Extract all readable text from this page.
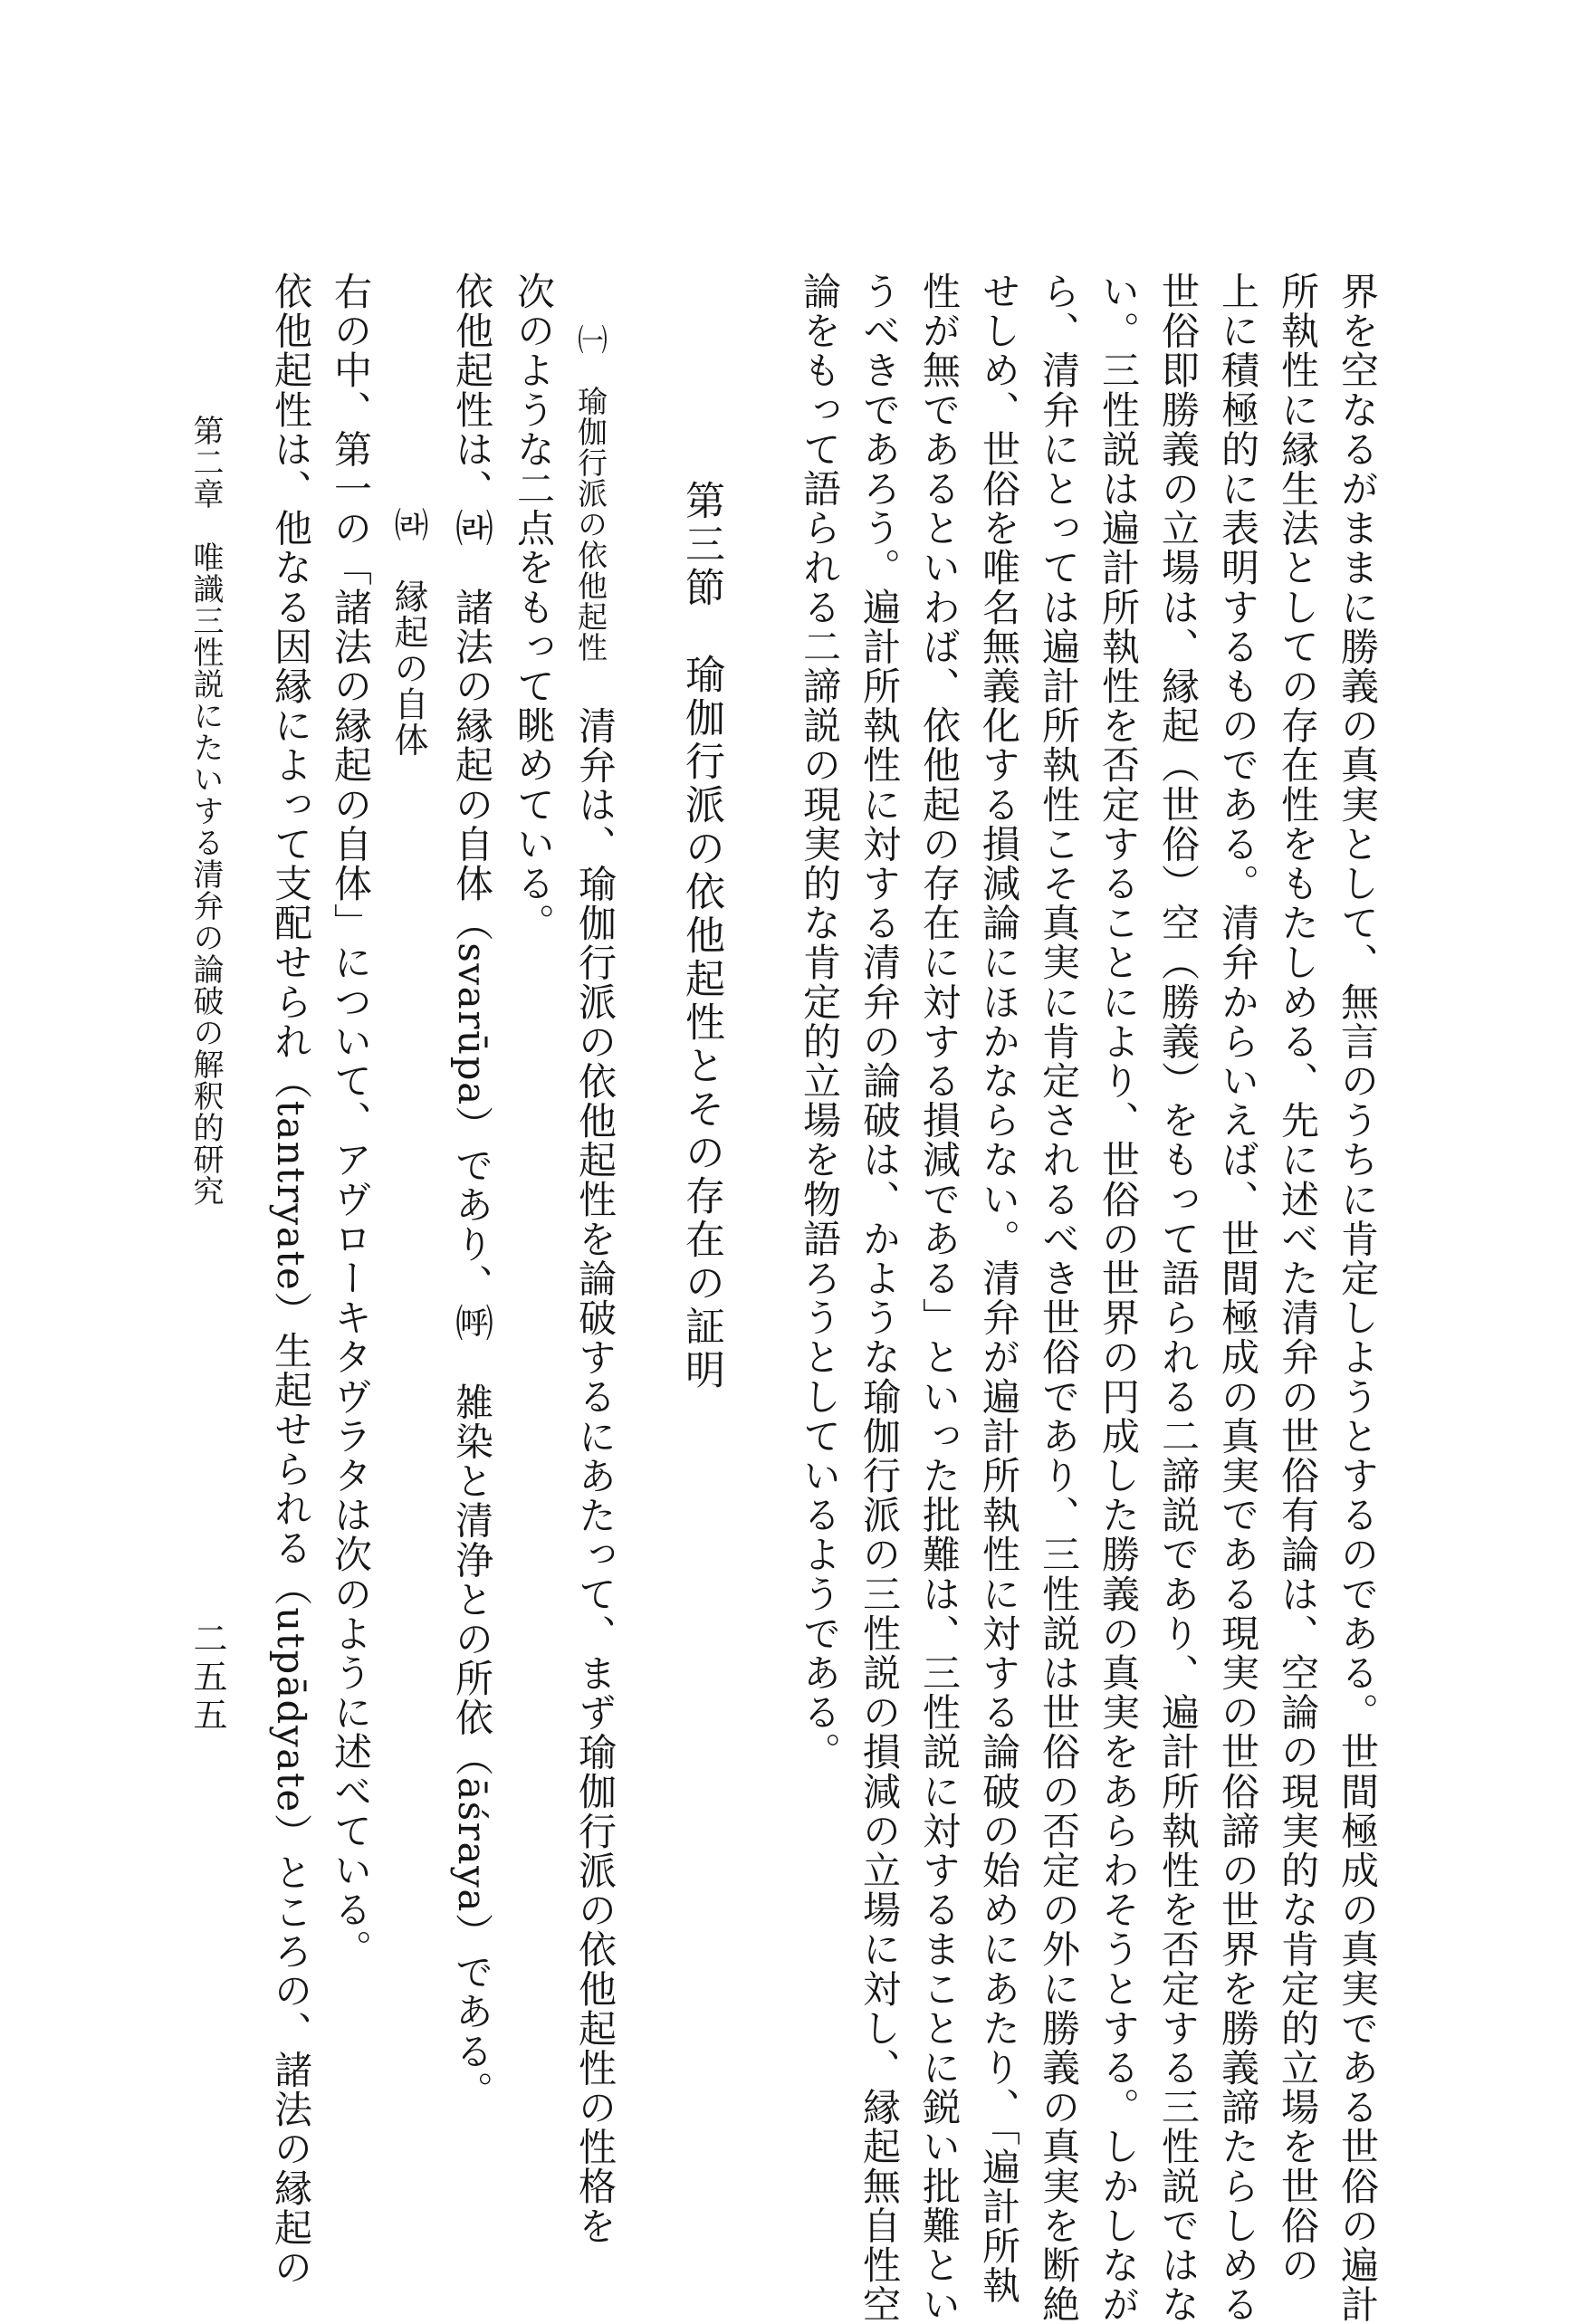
界を空なるがままに勝義の真実として、無言のうちに肯定しようとするのである。世間極成の真実である世俗の遍計
所執性に縁生法としての存在性をもたしめる、先に述べた清弁の世俗有論は、空論の現実的な肯定的立場を世俗の
上に積極的に表明するものである。清弁からいえば、世間極成の真実である現実の世俗諦の世界を勝義諦たらしめる
世俗即勝義の立場は、縁起（世俗）空（勝義）をもって語られる二諦説であり、遍計所執性を否定する三性説ではな
い。三性説は遍計所執性を否定することにより、世俗の世界の円成した勝義の真実をあらわそうとする。しかしなが
ら、清弁にとっては遍計所執性こそ真実に肯定されるべき世俗であり、三性説は世俗の否定の外に勝義の真実を断絶
せしめ、世俗を唯名無義化する損減論にほかならない。清弁が遍計所執性に対する論破の始めにあたり、「遍計所執
性が無であるといわば、依他起の存在に対する損減である」といった批難は、三性説に対するまことに鋭い批難とい
うべきであろう。遍計所執性に対する清弁の論破は、かような瑜伽行派の三性説の損減の立場に対し、縁起無自性空
論をもって語られる二諦説の現実的な肯定的立場を物語ろうとしているようである。
第三節　瑜伽行派の依他起性とその存在の証明
㈠　瑜伽行派の依他起性
清弁は、瑜伽行派の依他起性を論破するにあたって、まず瑜伽行派の依他起性の性格を
次のような二点をもって眺めている。
依他起性は、㈑　諸法の縁起の自体（svarūpa）であり、㈺　雑染と清浄との所依（āśraya）である。
㈑　縁起の自体
右の中、第一の「諸法の縁起の自体」について、アヴローキタヴラタは次のように述べている。
依他起性は、他なる因縁によって支配せられ（tantryate）生起せられる（utpādyate）ところの、諸法の縁起の
第二章　唯識三性説にたいする清弁の論破の解釈的研究
二五五
